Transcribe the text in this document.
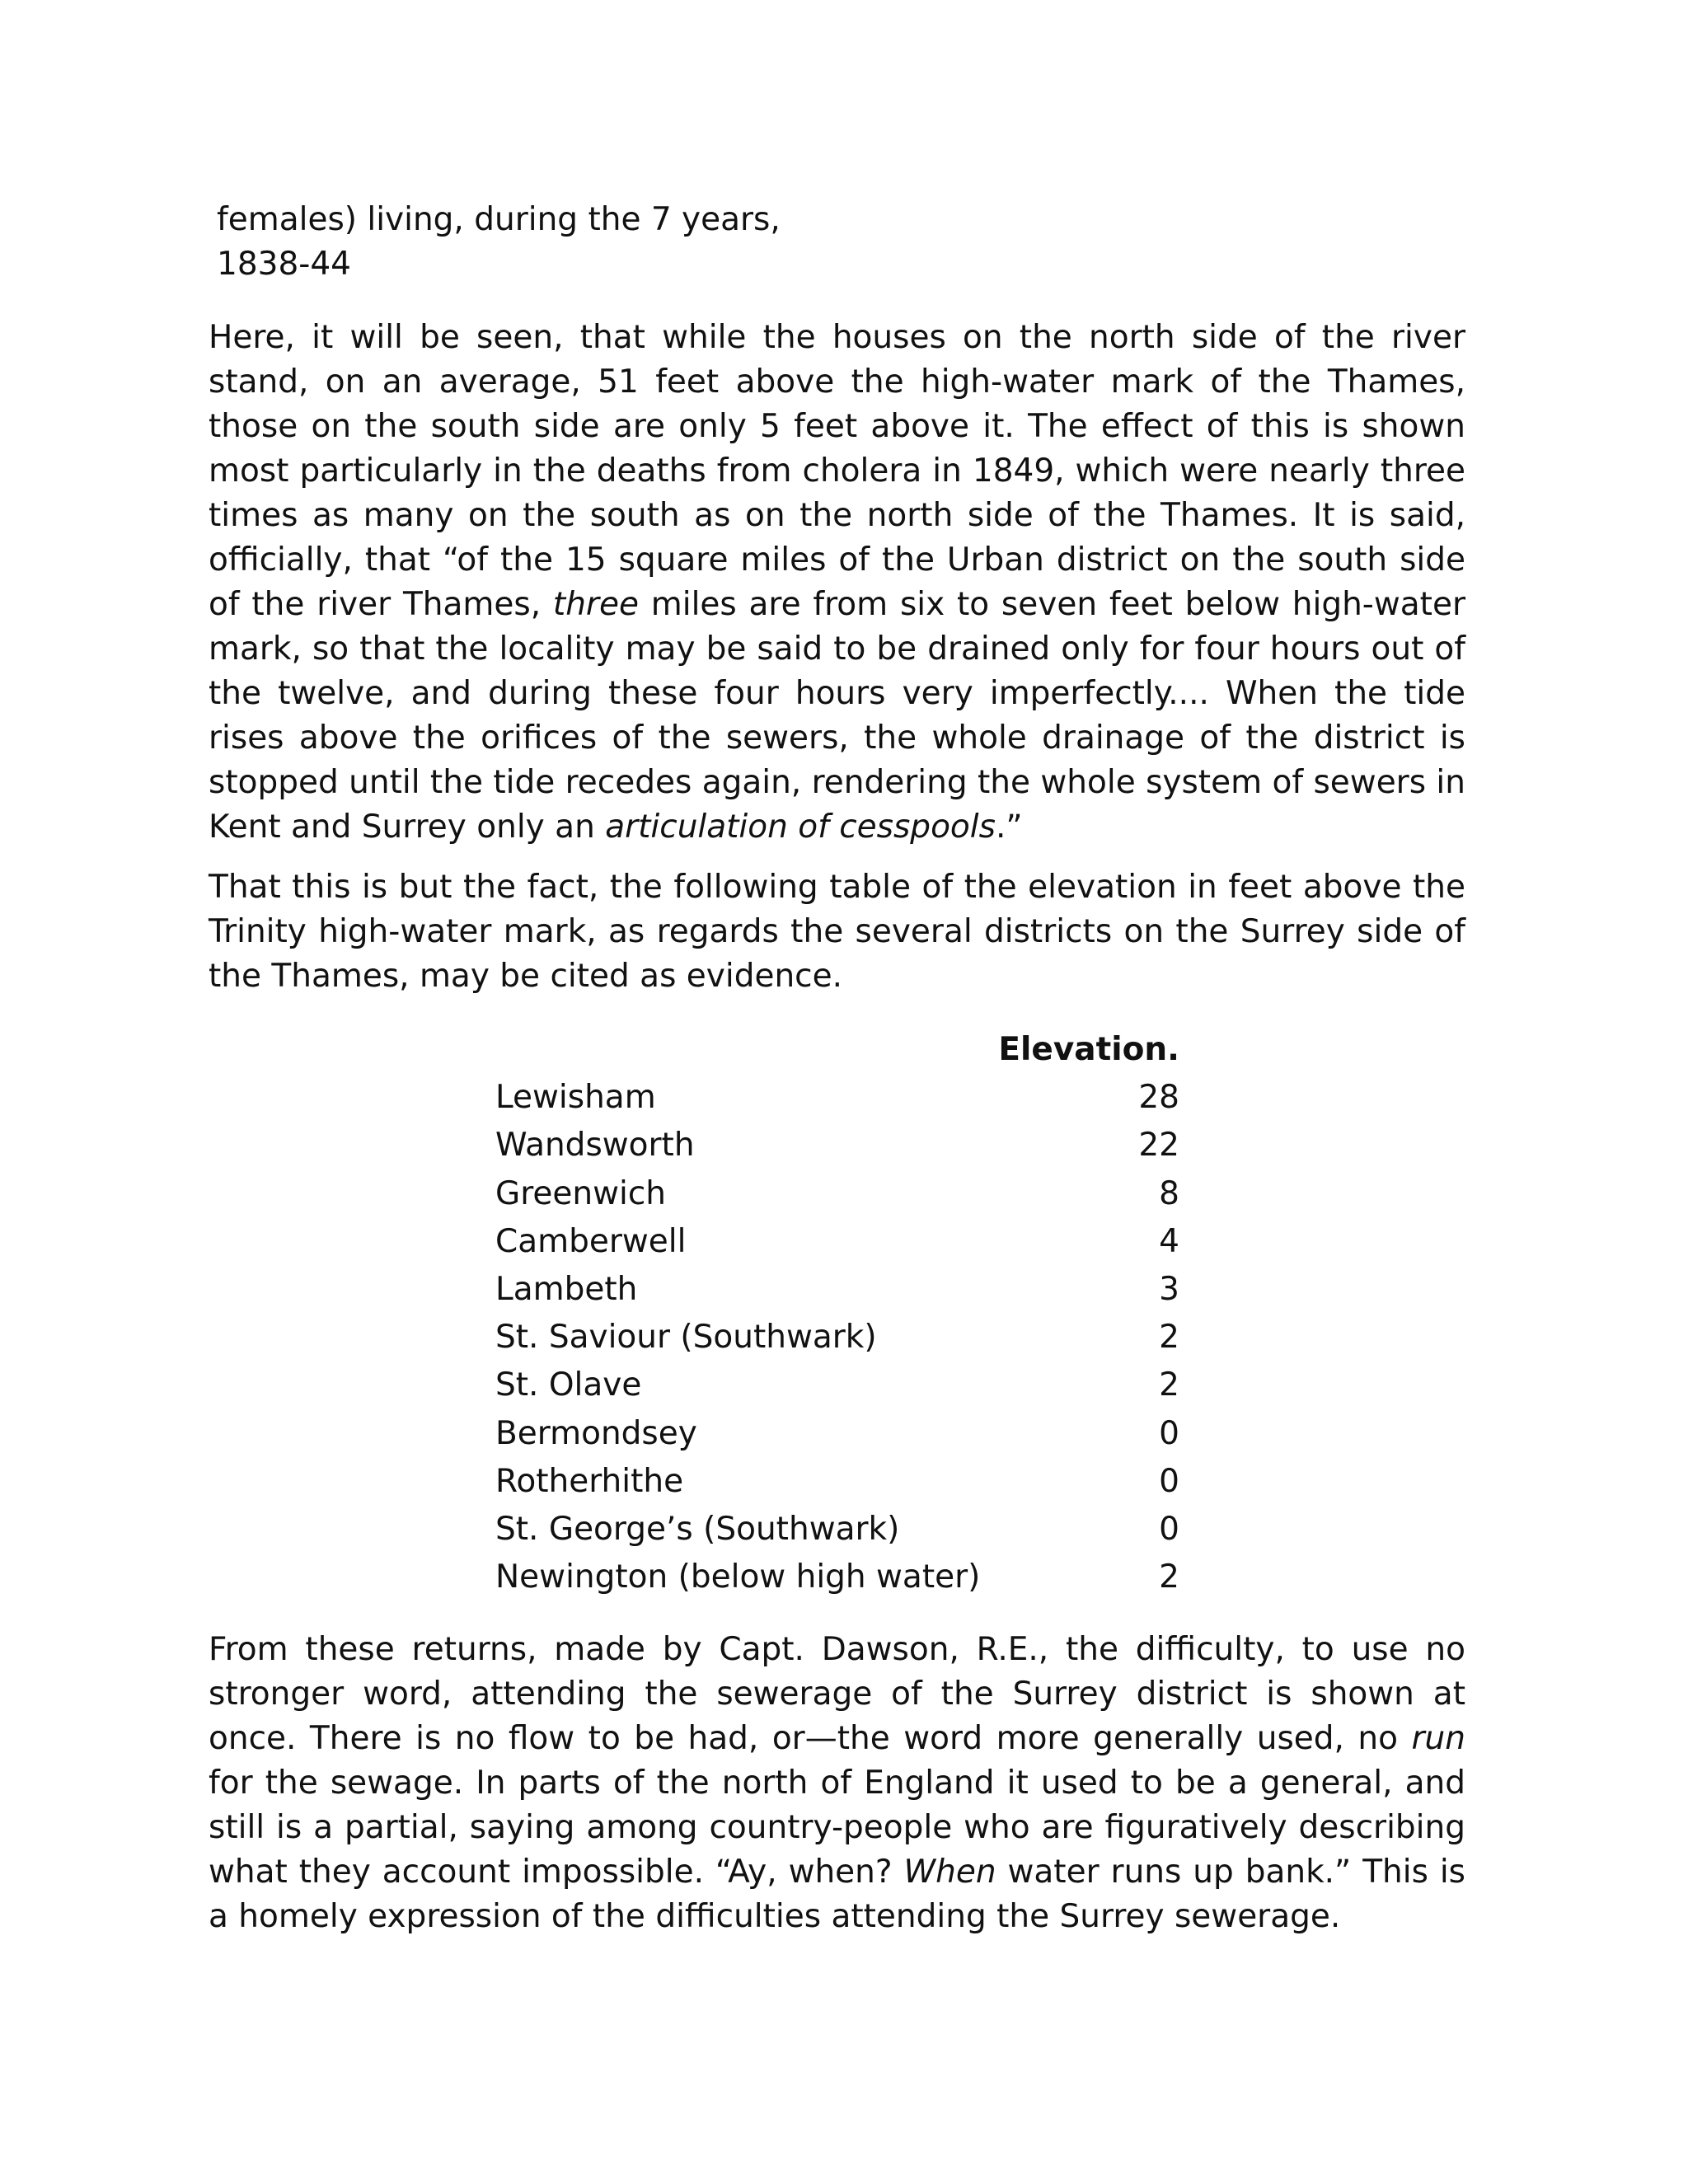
females) living, during the 7 years,
1838-44

Here, it will be seen, that while the houses on the north side of the river stand, on an average, 51 feet above the high-water mark of the Thames, those on the south side are only 5 feet above it. The effect of this is shown most particularly in the deaths from cholera in 1849, which were nearly three times as many on the south as on the north side of the Thames. It is said, officially, that “of the 15 square miles of the Urban district on the south side of the river Thames, three miles are from six to seven feet below high-water mark, so that the locality may be said to be drained only for four hours out of the twelve, and during these four hours very imperfectly.... When the tide rises above the orifices of the sewers, the whole drainage of the district is stopped until the tide recedes again, rendering the whole system of sewers in Kent and Surrey only an articulation of cesspools.”

That this is but the fact, the following table of the elevation in feet above the Trinity high-water mark, as regards the several districts on the Surrey side of the Thames, may be cited as evidence.

Elevation.
Lewisham	28
Wandsworth	22
Greenwich	8
Camberwell	4
Lambeth	3
St. Saviour (Southwark)	2
St. Olave	2
Bermondsey	0
Rotherhithe	0
St. George’s (Southwark)	0
Newington (below high water)	2

From these returns, made by Capt. Dawson, R.E., the difficulty, to use no stronger word, attending the sewerage of the Surrey district is shown at once. There is no flow to be had, or—the word more generally used, no run for the sewage. In parts of the north of England it used to be a general, and still is a partial, saying among country-people who are figuratively describing what they account impossible. “Ay, when? When water runs up bank.” This is a homely expression of the difficulties attending the Surrey sewerage.
